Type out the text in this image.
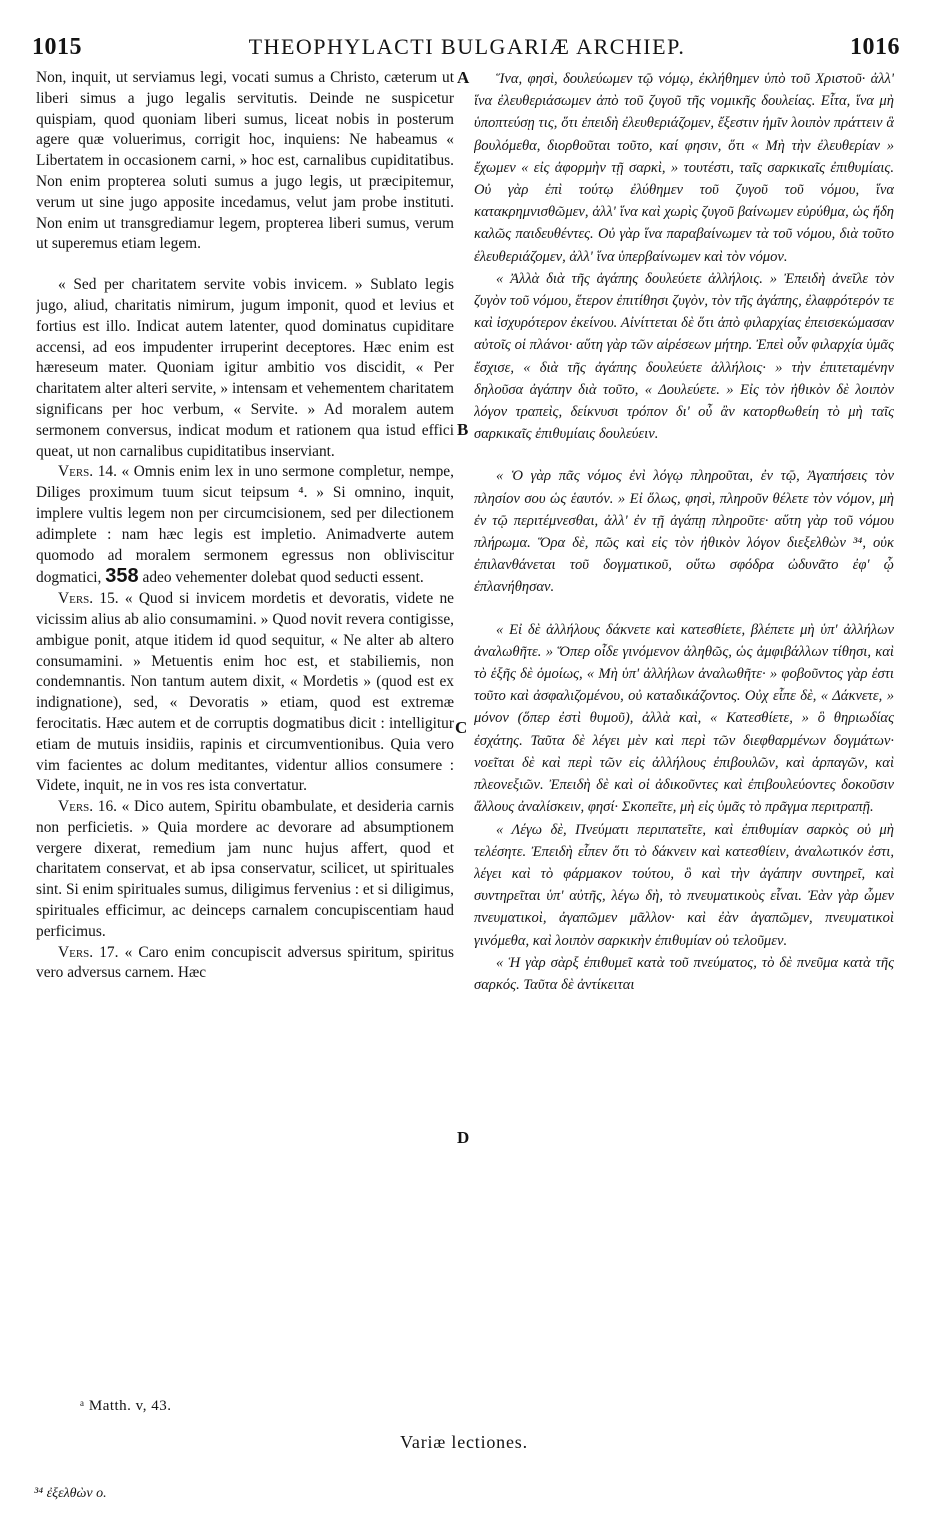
1015	THEOPHYLACTI BULGARIÆ ARCHIEP.	1016
A
B
C
D

Non, inquit, ut serviamus legi, vocati sumus a Christo, cæterum ut liberi simus a jugo legalis servitutis. Deinde ne suspicetur quispiam, quod quoniam liberi sumus, liceat nobis in posterum agere quæ voluerimus, corrigit hoc, inquiens: Ne habeamus « Libertatem in occasionem carni, » hoc est, carnalibus cupiditatibus. Non enim propterea soluti sumus a jugo legis, ut præcipitemur, verum ut sine jugo apposite incedamus, velut jam probe instituti. Non enim ut transgrediamur legem, propterea liberi sumus, verum ut superemus etiam legem.

« Sed per charitatem servite vobis invicem. » Sublato legis jugo, aliud, charitatis nimirum, jugum imponit, quod et levius et fortius est illo. Indicat autem latenter, quod dominatus cupiditare accensi, ad eos impudenter irruperint deceptores. Hæc enim est hæreseum mater. Quoniam igitur ambitio vos discidit, « Per charitatem alter alteri servite, » intensam et vehementem charitatem significans per hoc verbum, « Servite. » Ad moralem autem sermonem conversus, indicat modum et rationem qua istud effici queat, ut non carnalibus cupiditatibus inserviant.

Vers. 14. « Omnis enim lex in uno sermone completur, nempe, Diliges proximum tuum sicut teipsum ⁴. » Si omnino, inquit, implere vultis legem non per circumcisionem, sed per dilectionem adimplete : nam hæc legis est impletio. Animadverte autem quomodo ad moralem sermonem egressus non obliviscitur dogmatici, 358 adeo vehementer dolebat quod seducti essent.

Vers. 15. « Quod si invicem mordetis et devoratis, videte ne vicissim alius ab alio consumamini. » Quod novit revera contigisse, ambigue ponit, atque itidem id quod sequitur, « Ne alter ab altero consumamini. » Metuentis enim hoc est, et stabiliemis, non condemnantis. Non tantum autem dixit, « Mordetis » (quod est ex indignatione), sed, « Devoratis » etiam, quod est extremæ ferocitatis. Hæc autem et de corruptis dogmatibus dicit : intelligitur etiam de mutuis insidiis, rapinis et circumventionibus. Quia vero vim facientes ac dolum meditantes, videntur allios consumere : Videte, inquit, ne in vos res ista convertatur.

Vers. 16. « Dico autem, Spiritu obambulate, et desideria carnis non perficietis. » Quia mordere ac devorare ad absumptionem vergere dixerat, remedium jam nunc hujus affert, quod et charitatem conservat, et ab ipsa conservatur, scilicet, ut spirituales sint. Si enim spirituales sumus, diligimus fervenius : et si diligimus, spirituales efficimur, ac deinceps carnalem concupiscentiam haud perficimus.

Vers. 17. « Caro enim concupiscit adversus spiritum, spiritus vero adversus carnem. Hæc

Ἵνα, φησὶ, δουλεύωμεν τῷ νόμῳ, ἐκλήθημεν ὑπὸ τοῦ Χριστοῦ· ἀλλ' ἵνα ἐλευθεριάσωμεν ἀπὸ τοῦ ζυγοῦ τῆς νομικῆς δουλείας. Εἶτα, ἵνα μὴ ὑποπτεύσῃ τις, ὅτι ἐπειδὴ ἐλευθεριάζομεν, ἔξεστιν ἡμῖν λοιπὸν πράττειν ἃ βουλόμεθα, διορθοῦται τοῦτο, καί φησιν, ὅτι « Μὴ τὴν ἐλευθερίαν » ἔχωμεν « εἰς ἀφορμὴν τῇ σαρκὶ, » τουτέστι, ταῖς σαρκικαῖς ἐπιθυμίαις. Οὐ γὰρ ἐπὶ τούτῳ ἐλύθημεν τοῦ ζυγοῦ τοῦ νόμου, ἵνα κατακρημνισθῶμεν, ἀλλ' ἵνα καὶ χωρὶς ζυγοῦ βαίνωμεν εὐρύθμα, ὡς ἤδη καλῶς παιδευθέντες. Οὐ γὰρ ἵνα παραβαίνωμεν τὰ τοῦ νόμου, διὰ τοῦτο ἐλευθεριάζομεν, ἀλλ' ἵνα ὑπερβαίνωμεν καὶ τὸν νόμον.

« Ἀλλὰ διὰ τῆς ἀγάπης δουλεύετε ἀλλήλοις. » Ἐπειδὴ ἀνεῖλε τὸν ζυγὸν τοῦ νόμου, ἕτερον ἐπιτίθησι ζυγὸν, τὸν τῆς ἀγάπης, ἐλαφρότερόν τε καὶ ἰσχυρότερον ἐκείνου. Αἰνίττεται δὲ ὅτι ἀπὸ φιλαρχίας ἐπεισεκώμασαν αὐτοῖς οἱ πλάνοι· αὕτη γὰρ τῶν αἱρέσεων μήτηρ. Ἐπεὶ οὖν φιλαρχία ὑμᾶς ἔσχισε, « διὰ τῆς ἀγάπης δουλεύετε ἀλλήλοις· » τὴν ἐπιτεταμένην δηλοῦσα ἀγάπην διὰ τοῦτο, « Δουλεύετε. » Εἰς τὸν ἠθικὸν δὲ λοιπὸν λόγον τραπεὶς, δείκνυσι τρόπον δι' οὗ ἂν κατορθωθείη τὸ μὴ ταῖς σαρκικαῖς ἐπιθυμίαις δουλεύειν.

« Ὁ γὰρ πᾶς νόμος ἐνὶ λόγῳ πληροῦται, ἐν τῷ, Ἀγαπήσεις τὸν πλησίον σου ὡς ἑαυτόν. » Εἰ ὅλως, φησὶ, πληροῦν θέλετε τὸν νόμον, μὴ ἐν τῷ περιτέμνεσθαι, ἀλλ' ἐν τῇ ἀγάπῃ πληροῦτε· αὕτη γὰρ τοῦ νόμου πλήρωμα. Ὅρα δὲ, πῶς καὶ εἰς τὸν ἠθικὸν λόγον διεξελθὼν ³⁴, οὐκ ἐπιλανθάνεται τοῦ δογματικοῦ, οὕτω σφόδρα ὠδυνᾶτο ἐφ' ᾧ ἐπλανήθησαν.

« Εἰ δὲ ἀλλήλους δάκνετε καὶ κατεσθίετε, βλέπετε μὴ ὑπ' ἀλλήλων ἀναλωθῆτε. » Ὅπερ οἶδε γινόμενον ἀληθῶς, ὡς ἀμφιβάλλων τίθησι, καὶ τὸ ἑξῆς δὲ ὁμοίως, « Μὴ ὑπ' ἀλλήλων ἀναλωθῆτε· » φοβοῦντος γὰρ ἐστι τοῦτο καὶ ἀσφαλιζομένου, οὐ καταδικάζοντος. Οὐχ εἶπε δὲ, « Δάκνετε, » μόνον (ὅπερ ἐστὶ θυμοῦ), ἀλλὰ καὶ, « Κατεσθίετε, » ὃ θηριωδίας ἐσχάτης. Ταῦτα δὲ λέγει μὲν καὶ περὶ τῶν διεφθαρμένων δογμάτων· νοεῖται δὲ καὶ περὶ τῶν εἰς ἀλλήλους ἐπιβουλῶν, καὶ ἁρπαγῶν, καὶ πλεονεξιῶν. Ἐπειδὴ δὲ καὶ οἱ ἀδικοῦντες καὶ ἐπιβουλεύοντες δοκοῦσιν ἄλλους ἀναλίσκειν, φησί· Σκοπεῖτε, μὴ εἰς ὑμᾶς τὸ πρᾶγμα περιτραπῇ.

« Λέγω δὲ, Πνεύματι περιπατεῖτε, καὶ ἐπιθυμίαν σαρκὸς οὐ μὴ τελέσητε. Ἐπειδὴ εἶπεν ὅτι τὸ δάκνειν καὶ κατεσθίειν, ἀναλωτικόν ἐστι, λέγει καὶ τὸ φάρμακον τούτου, ὃ καὶ τὴν ἀγάπην συντηρεῖ, καὶ συντηρεῖται ὑπ' αὐτῆς, λέγω δὴ, τὸ πνευματικοὺς εἶναι. Ἐὰν γὰρ ὦμεν πνευματικοὶ, ἀγαπῶμεν μᾶλλον· καὶ ἐὰν ἀγαπῶμεν, πνευματικοὶ γινόμεθα, καὶ λοιπὸν σαρκικὴν ἐπιθυμίαν οὐ τελοῦμεν.

« Ἡ γὰρ σὰρξ ἐπιθυμεῖ κατὰ τοῦ πνεύματος, τὸ δὲ πνεῦμα κατὰ τῆς σαρκός. Ταῦτα δὲ ἀντίκειται

ᵃ Matth. v, 43.
Variæ lectiones.
³⁴ ἐξελθὼν ο.
